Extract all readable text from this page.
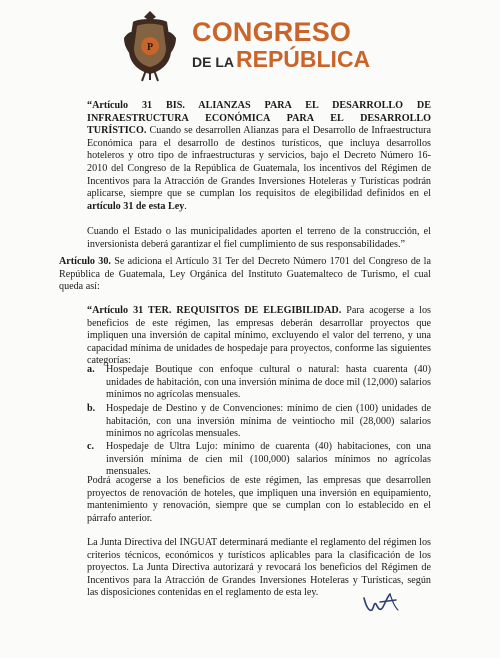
P
CONGRESO
DE LAREPÚBLICA

“Artículo 31 BIS. ALIANZAS PARA EL DESARROLLO DE INFRAESTRUCTURA ECONÓMICA PARA EL DESARROLLO TURÍSTICO. Cuando se desarrollen Alianzas para el Desarrollo de Infraestructura Económica para el desarrollo de destinos turísticos, que incluya desarrollos hoteleros y otro tipo de infraestructuras y servicios, bajo el Decreto Número 16-2010 del Congreso de la República de Guatemala, los incentivos del Régimen de Incentivos para la Atracción de Grandes Inversiones Hoteleras y Turísticas podrán aplicarse, siempre que se cumplan los requisitos de elegibilidad definidos en el artículo 31 de esta Ley.

Cuando el Estado o las municipalidades aporten el terreno de la construcción, el inversionista deberá garantizar el fiel cumplimiento de sus responsabilidades.”

Artículo 30. Se adiciona el Artículo 31 Ter del Decreto Número 1701 del Congreso de la República de Guatemala, Ley Orgánica del Instituto Guatemalteco de Turismo, el cual queda así:

“Artículo 31 TER. REQUISITOS DE ELEGIBILIDAD. Para acogerse a los beneficios de este régimen, las empresas deberán desarrollar proyectos que impliquen una inversión de capital mínimo, excluyendo el valor del terreno, y una capacidad mínima de unidades de hospedaje para proyectos, conforme las siguientes categorías:

a. Hospedaje Boutique con enfoque cultural o natural: hasta cuarenta (40) unidades de habitación, con una inversión mínima de doce mil (12,000) salarios mínimos no agrícolas mensuales.
b. Hospedaje de Destino y de Convenciones: mínimo de cien (100) unidades de habitación, con una inversión mínima de veintiocho mil (28,000) salarios mínimos no agrícolas mensuales.
c. Hospedaje de Ultra Lujo: mínimo de cuarenta (40) habitaciones, con una inversión mínima de cien mil (100,000) salarios mínimos no agrícolas mensuales.

Podrá acogerse a los beneficios de este régimen, las empresas que desarrollen proyectos de renovación de hoteles, que impliquen una inversión en equipamiento, mantenimiento y renovación, siempre que se cumplan con lo establecido en el párrafo anterior.

La Junta Directiva del INGUAT determinará mediante el reglamento del régimen los criterios técnicos, económicos y turísticos aplicables para la clasificación de los proyectos. La Junta Directiva autorizará y revocará los beneficios del Régimen de Incentivos para la Atracción de Grandes Inversiones Hoteleras y Turísticas, según las disposiciones contenidas en el reglamento de esta ley.
